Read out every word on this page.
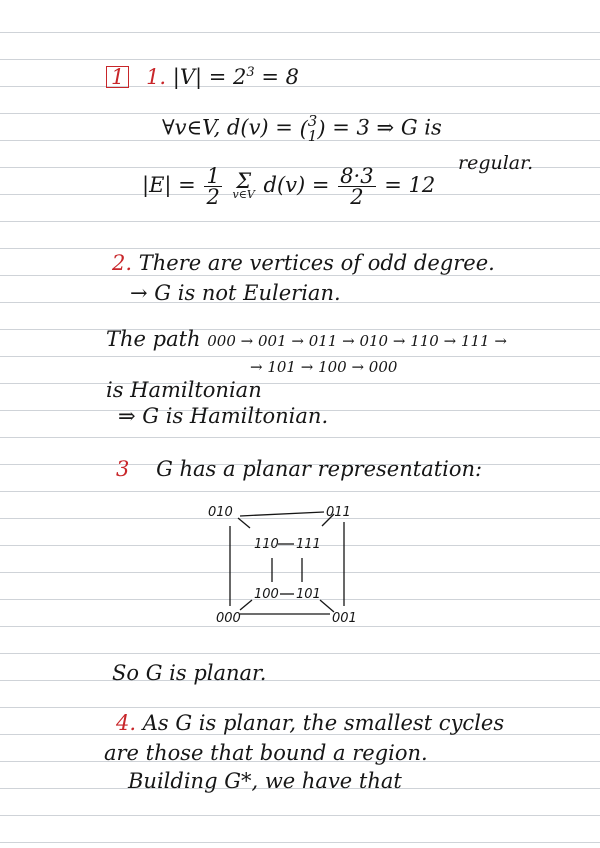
1 1. $|V| = 2^3 = 8$
∀v∈V, d(v) = ( 3
1 ) = 3 ⇒ G is
regular.
$|E| = \frac{1}{2}$
Σ
v∈V $d(v) = \frac{8\cdot 3}{2} = 12$
2. There are vertices of odd degree.
→ G is not Eulerian.
The path 000 → 001 → 011 → 010 → 110 → 111 →
→ 101 → 100 → 000
is Hamiltonian
⇒ G is Hamiltonian.
3 G has a planar representation:
010	011
110 111
100 101
000	001
So G is planar.
4. As G is planar, the smallest cycles
are those that bound a region.
Building G*, we have that
